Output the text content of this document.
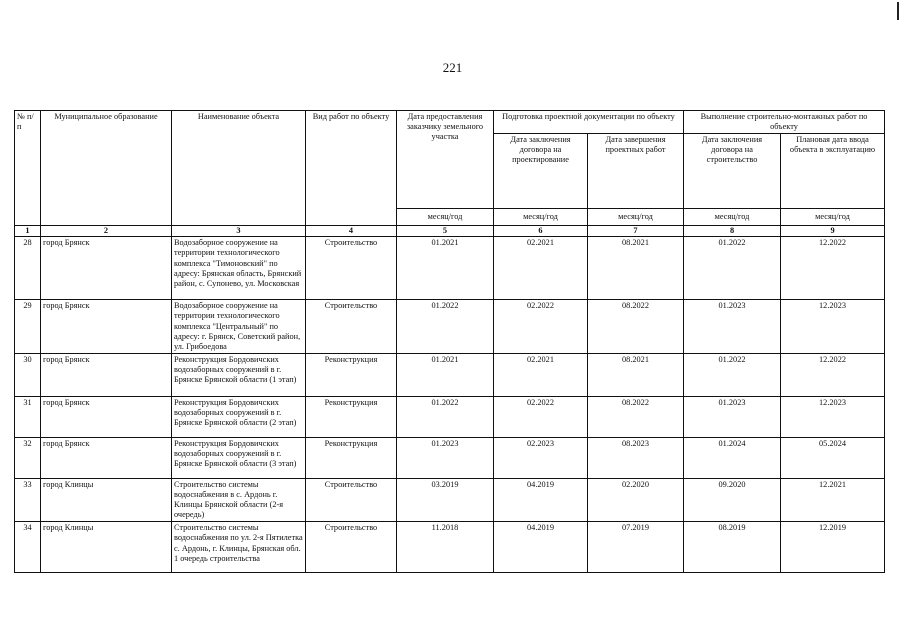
221
№ п/п	Муниципальное образование	Наименование объекта	Вид работ по объекту	Дата предоставления заказчику земельного участка	Подготовка проектной документации по объекту		Выполнение строительно-монтажных работ по объекту	
					Дата заключения договора на проектирование	Дата завершения проектных работ	Дата заключения договора на строительство	Плановая дата ввода объекта в эксплуатацию
				месяц/год	месяц/год	месяц/год	месяц/год	месяц/год
1	2	3	4	5	6	7	8	9
28	город Брянск	Водозаборное сооружение на территории технологического комплекса "Тимоновский" по адресу: Брянская область, Брянский район, с. Супонево, ул. Московская	Строительство	01.2021	02.2021	08.2021	01.2022	12.2022
29	город Брянск	Водозаборное сооружение на территории технологического комплекса "Центральный" по адресу: г. Брянск, Советский район, ул. Грибоедова	Строительство	01.2022	02.2022	08.2022	01.2023	12.2023
30	город Брянск	Реконструкция Бордовичских водозаборных сооружений в г. Брянске Брянской области (1 этап)	Реконструкция	01.2021	02.2021	08.2021	01.2022	12.2022
31	город Брянск	Реконструкция Бордовичских водозаборных сооружений в г. Брянске Брянской области (2 этап)	Реконструкция	01.2022	02.2022	08.2022	01.2023	12.2023
32	город Брянск	Реконструкция Бордовичских водозаборных сооружений в г. Брянске Брянской области (3 этап)	Реконструкция	01.2023	02.2023	08.2023	01.2024	05.2024
33	город Клинцы	Строительство системы водоснабжения в с. Ардонь г. Клинцы Брянской области (2-я очередь)	Строительство	03.2019	04.2019	02.2020	09.2020	12.2021
34	город Клинцы	Строительство системы водоснабжения по ул. 2-я Пятилетка с. Ардонь, г. Клинцы, Брянская обл. 1 очередь строительства	Строительство	11.2018	04.2019	07.2019	08.2019	12.2019
